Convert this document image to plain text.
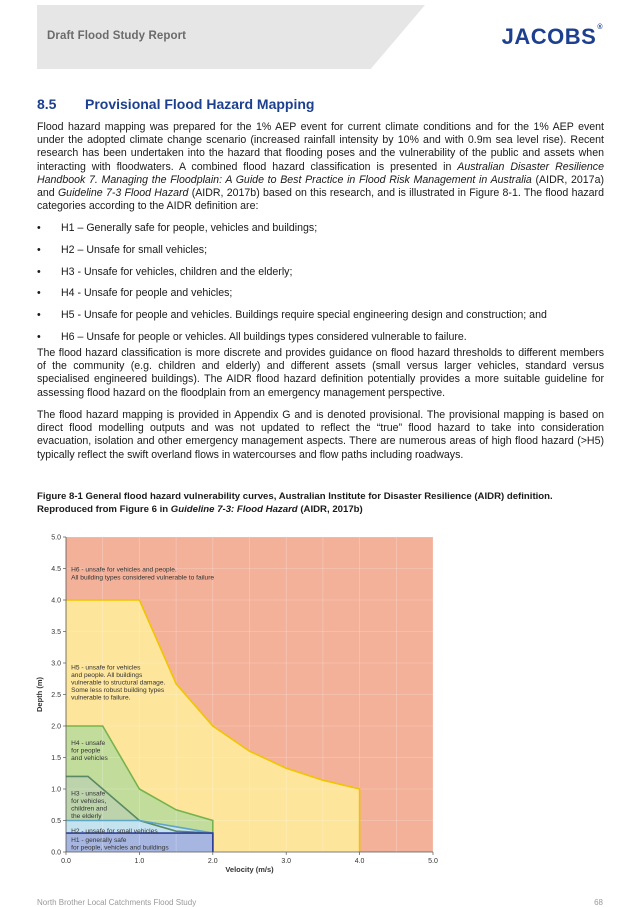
Draft Flood Study Report	JACOBS®
8.5 Provisional Flood Hazard Mapping
Flood hazard mapping was prepared for the 1% AEP event for current climate conditions and for the 1% AEP event under the adopted climate change scenario (increased rainfall intensity by 10% and with 0.9m sea level rise). Recent research has been undertaken into the hazard that flooding poses and the vulnerability of the public and assets when interacting with floodwaters. A combined flood hazard classification is presented in Australian Disaster Resilience Handbook 7. Managing the Floodplain: A Guide to Best Practice in Flood Risk Management in Australia (AIDR, 2017a) and Guideline 7-3 Flood Hazard (AIDR, 2017b) based on this research, and is illustrated in Figure 8-1. The flood hazard categories according to the AIDR definition are:
• H1 – Generally safe for people, vehicles and buildings;
• H2 – Unsafe for small vehicles;
• H3 - Unsafe for vehicles, children and the elderly;
• H4 - Unsafe for people and vehicles;
• H5 - Unsafe for people and vehicles. Buildings require special engineering design and construction; and
• H6 – Unsafe for people or vehicles. All buildings types considered vulnerable to failure.
The flood hazard classification is more discrete and provides guidance on flood hazard thresholds to different members of the community (e.g. children and elderly) and different assets (small versus larger vehicles, standard versus specialised engineered buildings). The AIDR flood hazard definition potentially provides a more suitable guideline for assessing flood hazard on the floodplain from an emergency management perspective.
The flood hazard mapping is provided in Appendix G and is denoted provisional. The provisional mapping is based on direct flood modelling outputs and was not updated to reflect the “true” flood hazard to take into consideration evacuation, isolation and other emergency management aspects. There are numerous areas of high flood hazard (>H5) typically reflect the swift overland flows in watercourses and flow paths including roadways.
Figure 8-1 General flood hazard vulnerability curves, Australian Institute for Disaster Resilience (AIDR) definition. Reproduced from Figure 6 in Guideline 7-3: Flood Hazard (AIDR, 2017b)
H6 - unsafe for vehicles and people. All building types considered vulnerable to failure
H5 - unsafe for vehicles and people. All buildings vulnerable to structural damage. Some less robust building types vulnerable to failure.
H4 - unsafe for people and vehicles
H3 - unsafe for vehicles, children and the elderly
H2 - unsafe for small vehicles
H1 - generally safe for people, vehicles and buildings
0.0	1.0	2.0	3.0	4.0	5.0
0.0
0.5
1.0
1.5
2.0
2.5
3.0
3.5
4.0
4.5
5.0
Velocity (m/s)
Depth (m)
North Brother Local Catchments Flood Study	68
